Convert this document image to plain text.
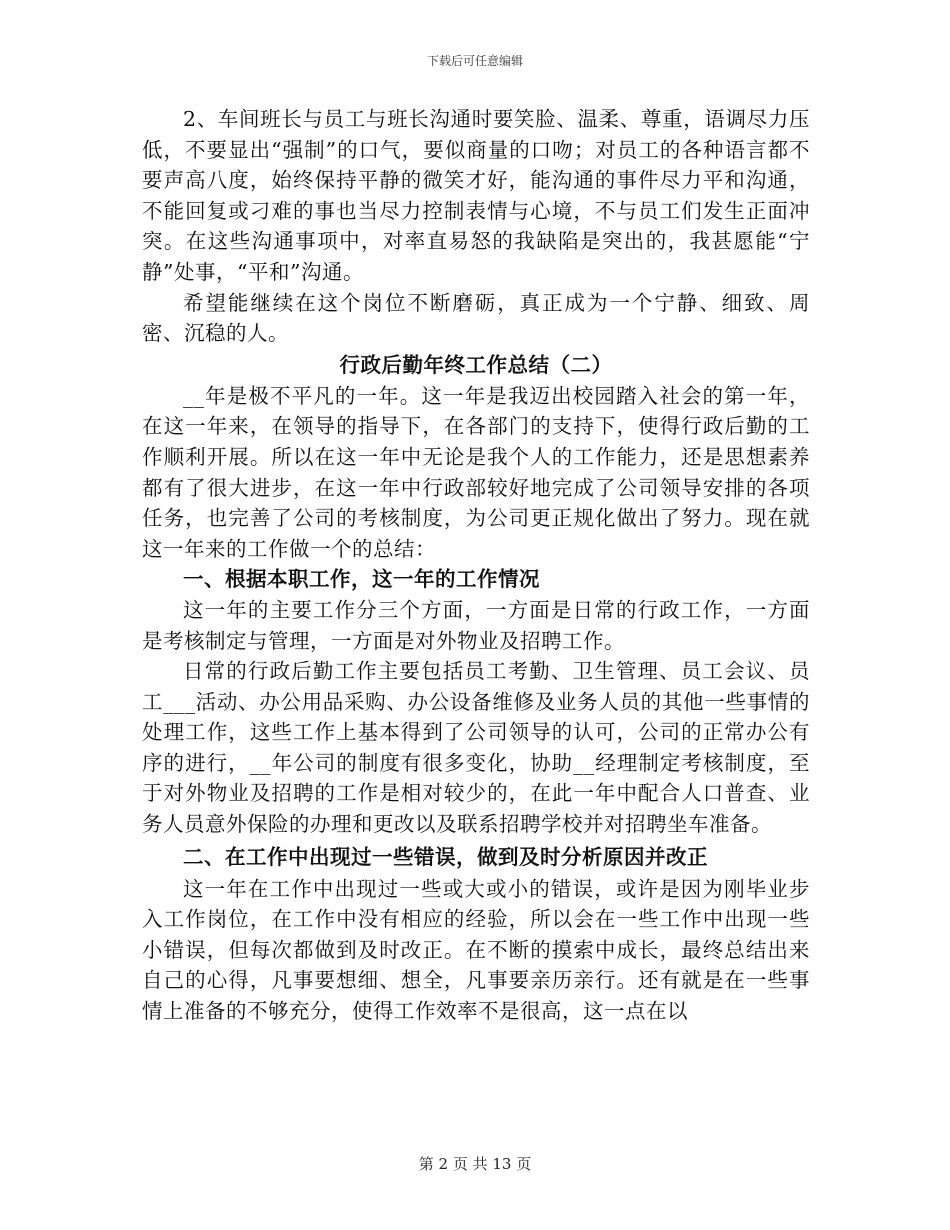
下载后可任意编辑

2、车间班长与员工与班长沟通时要笑脸、温柔、尊重，语调尽力压低，不要显出“强制”的口气，要似商量的口吻；对员工的各种语言都不要声高八度，始终保持平静的微笑才好，能沟通的事件尽力平和沟通，不能回复或刁难的事也当尽力控制表情与心境，不与员工们发生正面冲突。在这些沟通事项中，对率直易怒的我缺陷是突出的，我甚愿能“宁静”处事，“平和”沟通。

希望能继续在这个岗位不断磨砺，真正成为一个宁静、细致、周密、沉稳的人。

行政后勤年终工作总结（二）

__年是极不平凡的一年。这一年是我迈出校园踏入社会的第一年，在这一年来，在领导的指导下，在各部门的支持下，使得行政后勤的工作顺利开展。所以在这一年中无论是我个人的工作能力，还是思想素养都有了很大进步，在这一年中行政部较好地完成了公司领导安排的各项任务，也完善了公司的考核制度，为公司更正规化做出了努力。现在就这一年来的工作做一个的总结：

一、根据本职工作，这一年的工作情况

这一年的主要工作分三个方面，一方面是日常的行政工作，一方面是考核制定与管理，一方面是对外物业及招聘工作。

日常的行政后勤工作主要包括员工考勤、卫生管理、员工会议、员工___活动、办公用品采购、办公设备维修及业务人员的其他一些事情的处理工作，这些工作上基本得到了公司领导的认可，公司的正常办公有序的进行，__年公司的制度有很多变化，协助__经理制定考核制度，至于对外物业及招聘的工作是相对较少的，在此一年中配合人口普查、业务人员意外保险的办理和更改以及联系招聘学校并对招聘坐车准备。

二、在工作中出现过一些错误，做到及时分析原因并改正

这一年在工作中出现过一些或大或小的错误，或许是因为刚毕业步入工作岗位，在工作中没有相应的经验，所以会在一些工作中出现一些小错误，但每次都做到及时改正。在不断的摸索中成长，最终总结出来自己的心得，凡事要想细、想全，凡事要亲历亲行。还有就是在一些事情上准备的不够充分，使得工作效率不是很高，这一点在以

第 2 页 共 13 页
